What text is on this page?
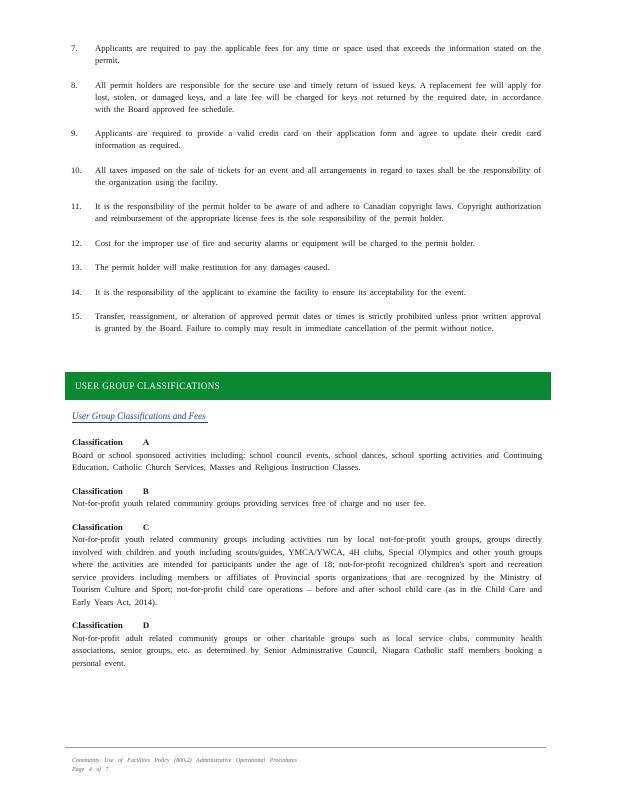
7.	Applicants are required to pay the applicable fees for any time or space used that exceeds the information stated on the permit.
8.	All permit holders are responsible for the secure use and timely return of issued keys. A replacement fee will apply for lost, stolen, or damaged keys, and a late fee will be charged for keys not returned by the required date, in accordance with the Board approved fee schedule.
9.	Applicants are required to provide a valid credit card on their application form and agree to update their credit card information as required.
10.	All taxes imposed on the sale of tickets for an event and all arrangements in regard to taxes shall be the responsibility of the organization using the facility.
11.	It is the responsibility of the permit holder to be aware of and adhere to Canadian copyright laws. Copyright authorization and reimbursement of the appropriate license fees is the sole responsibility of the permit holder.
12.	Cost for the improper use of fire and security alarms or equipment will be charged to the permit holder.
13.	The permit holder will make restitution for any damages caused.
14.	It is the responsibility of the applicant to examine the facility to ensure its acceptability for the event.
15.	Transfer, reassignment, or alteration of approved permit dates or times is strictly prohibited unless prior written approval is granted by the Board. Failure to comply may result in immediate cancellation of the permit without notice.
USER GROUP CLASSIFICATIONS
User Group Classifications and Fees
Classification A
Board or school sponsored activities including: school council events, school dances, school sporting activities and Continuing Education, Catholic Church Services, Masses and Religious Instruction Classes.
Classification B
Not-for-profit youth related community groups providing services free of charge and no user fee.
Classification C
Not-for-profit youth related community groups including activities run by local not-for-profit youth groups, groups directly involved with children and youth including scouts/guides, YMCA/YWCA, 4H clubs, Special Olympics and other youth groups where the activities are intended for participants under the age of 18; not-for-profit recognized children's sport and recreation service providers including members or affiliates of Provincial sports organizations that are recognized by the Ministry of Tourism Culture and Sport; not-for-profit child care operations – before and after school child care (as in the Child Care and Early Years Act, 2014).
Classification D
Not-for-profit adult related community groups or other charitable groups such as local service clubs, community health associations, senior groups, etc. as determined by Senior Administrative Council, Niagara Catholic staff members booking a personal event.
Community Use of Facilities Policy (800.2) Administrative Operational Procedures
Page 4 of 7
